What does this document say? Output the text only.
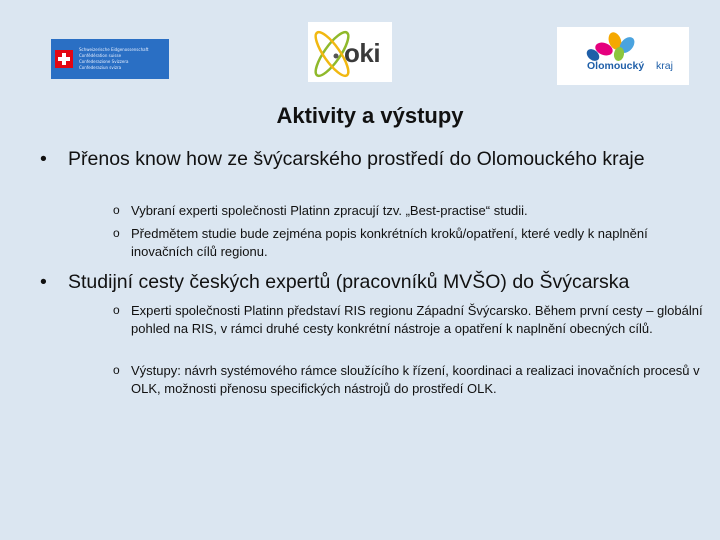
Schweizerische Eidgenossenschaft
Confédération suisse
Confederazione Svizzera
Confederaziun svizra	oki	Olomoucký kraj
Aktivity a výstupy
•	Přenos know how ze švýcarského prostředí do Olomouckého kraje
o Vybraní experti společnosti Platinn zpracují tzv. „Best-practise“ studii.
o Předmětem studie bude zejména popis konkrétních kroků/opatření, které vedly k naplnění inovačních cílů regionu.
•	Studijní cesty českých expertů (pracovníků MVŠO) do Švýcarska
o Experti společnosti Platinn představí RIS regionu Západní Švýcarsko. Během první cesty – globální pohled na RIS, v rámci druhé cesty konkrétní nástroje a opatření k naplnění obecných cílů.
o Výstupy: návrh systémového rámce sloužícího k řízení, koordinaci a realizaci inovačních procesů v OLK, možnosti přenosu specifických nástrojů do prostředí OLK.
